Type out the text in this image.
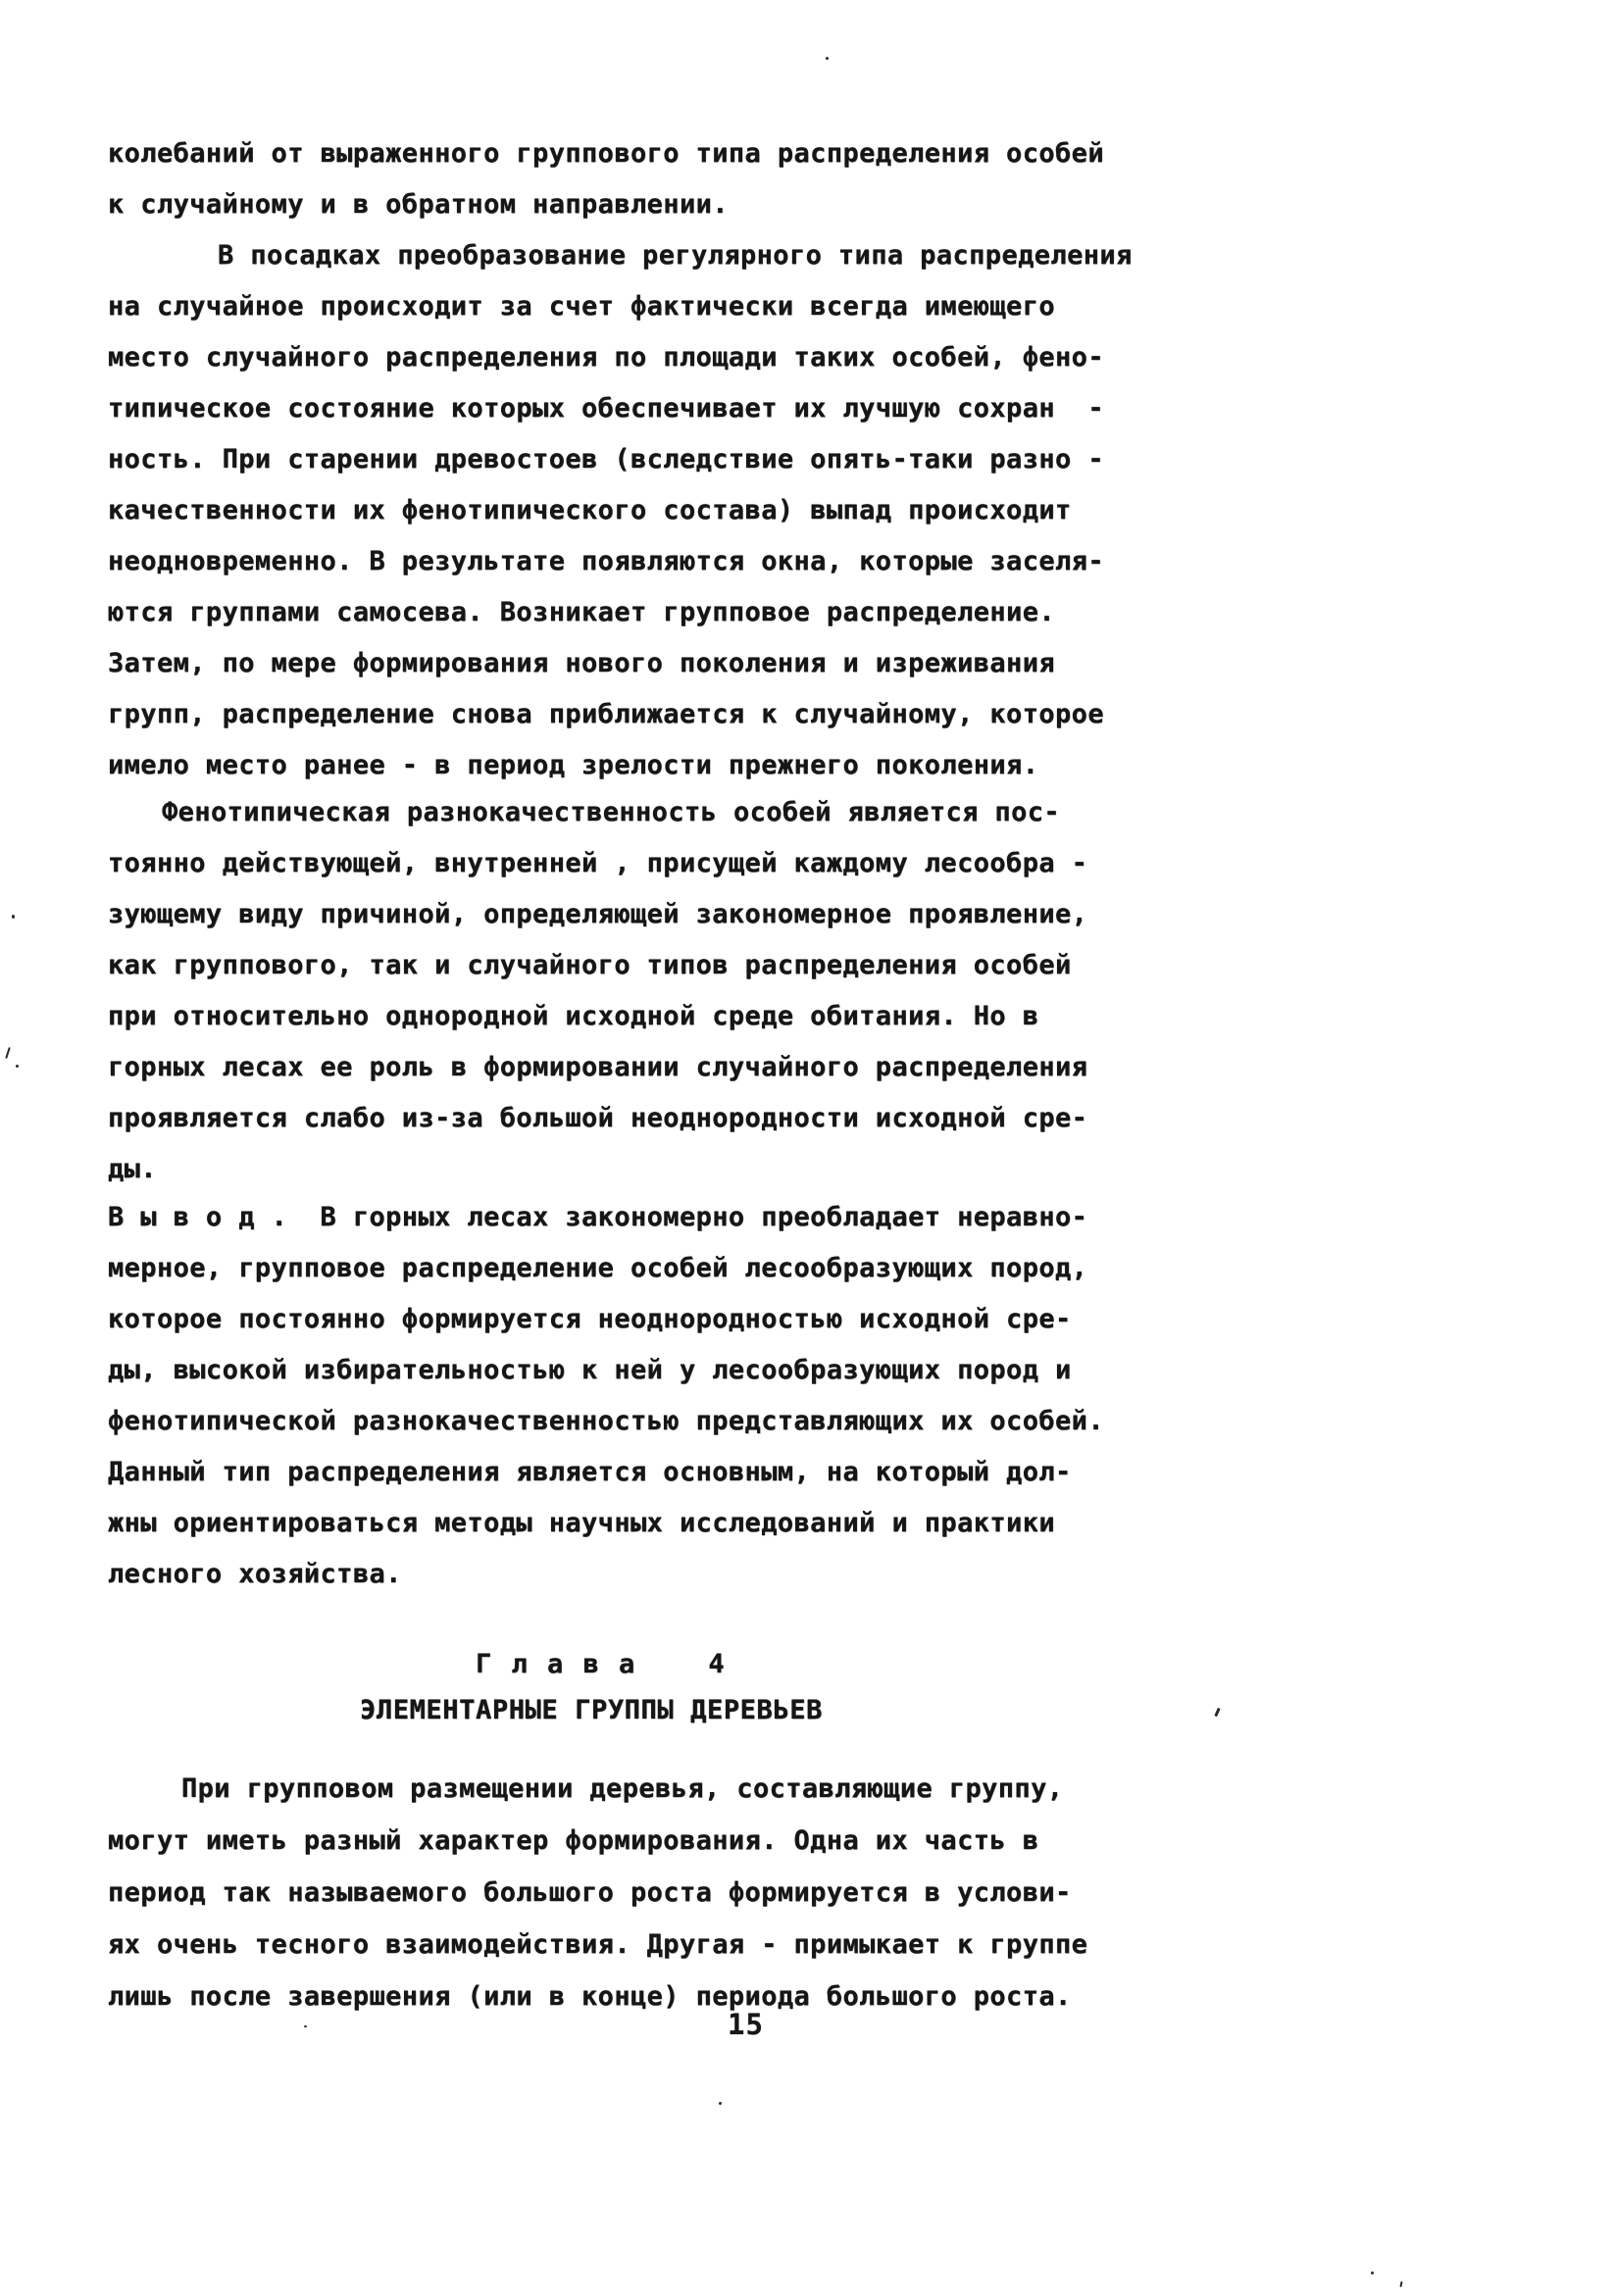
колебаний от выраженного группового типа распределения особей
к случайному и в обратном направлении.
В посадках преобразование регулярного типа распределения
на случайное происходит за счет фактически всегда имеющего
место случайного распределения по площади таких особей, фено-
типическое состояние которых обеспечивает их лучшую сохран  -
ность. При старении древостоев (вследствие опять-таки разно -
качественности их фенотипического состава) выпад происходит
неодновременно. В результате появляются окна, которые заселя-
ются группами самосева. Возникает групповое распределение.
Затем, по мере формирования нового поколения и изреживания
групп, распределение снова приближается к случайному, которое
имело место ранее - в период зрелости прежнего поколения.
Фенотипическая разнокачественность особей является пос-
тоянно действующей, внутренней , присущей каждому лесообра -
зующему виду причиной, определяющей закономерное проявление,
как группового, так и случайного типов распределения особей
при относительно однородной исходной среде обитания. Но в
горных лесах ее роль в формировании случайного распределения
проявляется слабо из-за большой неоднородности исходной сре-
ды.
В ы в о д .  В горных лесах закономерно преобладает неравно-
мерное, групповое распределение особей лесообразующих пород,
которое постоянно формируется неоднородностью исходной сре-
ды, высокой избирательностью к ней у лесообразующих пород и
фенотипической разнокачественностью представляющих их особей.
Данный тип распределения является основным, на который дол-
жны ориентироваться методы научных исследований и практики
лесного хозяйства.
Г л а в а    4
ЭЛЕМЕНТАРНЫЕ ГРУППЫ ДЕРЕВЬЕВ
При групповом размещении деревья, составляющие группу,
могут иметь разный характер формирования. Одна их часть в
период так называемого большого роста формируется в услови-
ях очень тесного взаимодействия. Другая - примыкает к группе
лишь после завершения (или в конце) периода большого роста.
15
